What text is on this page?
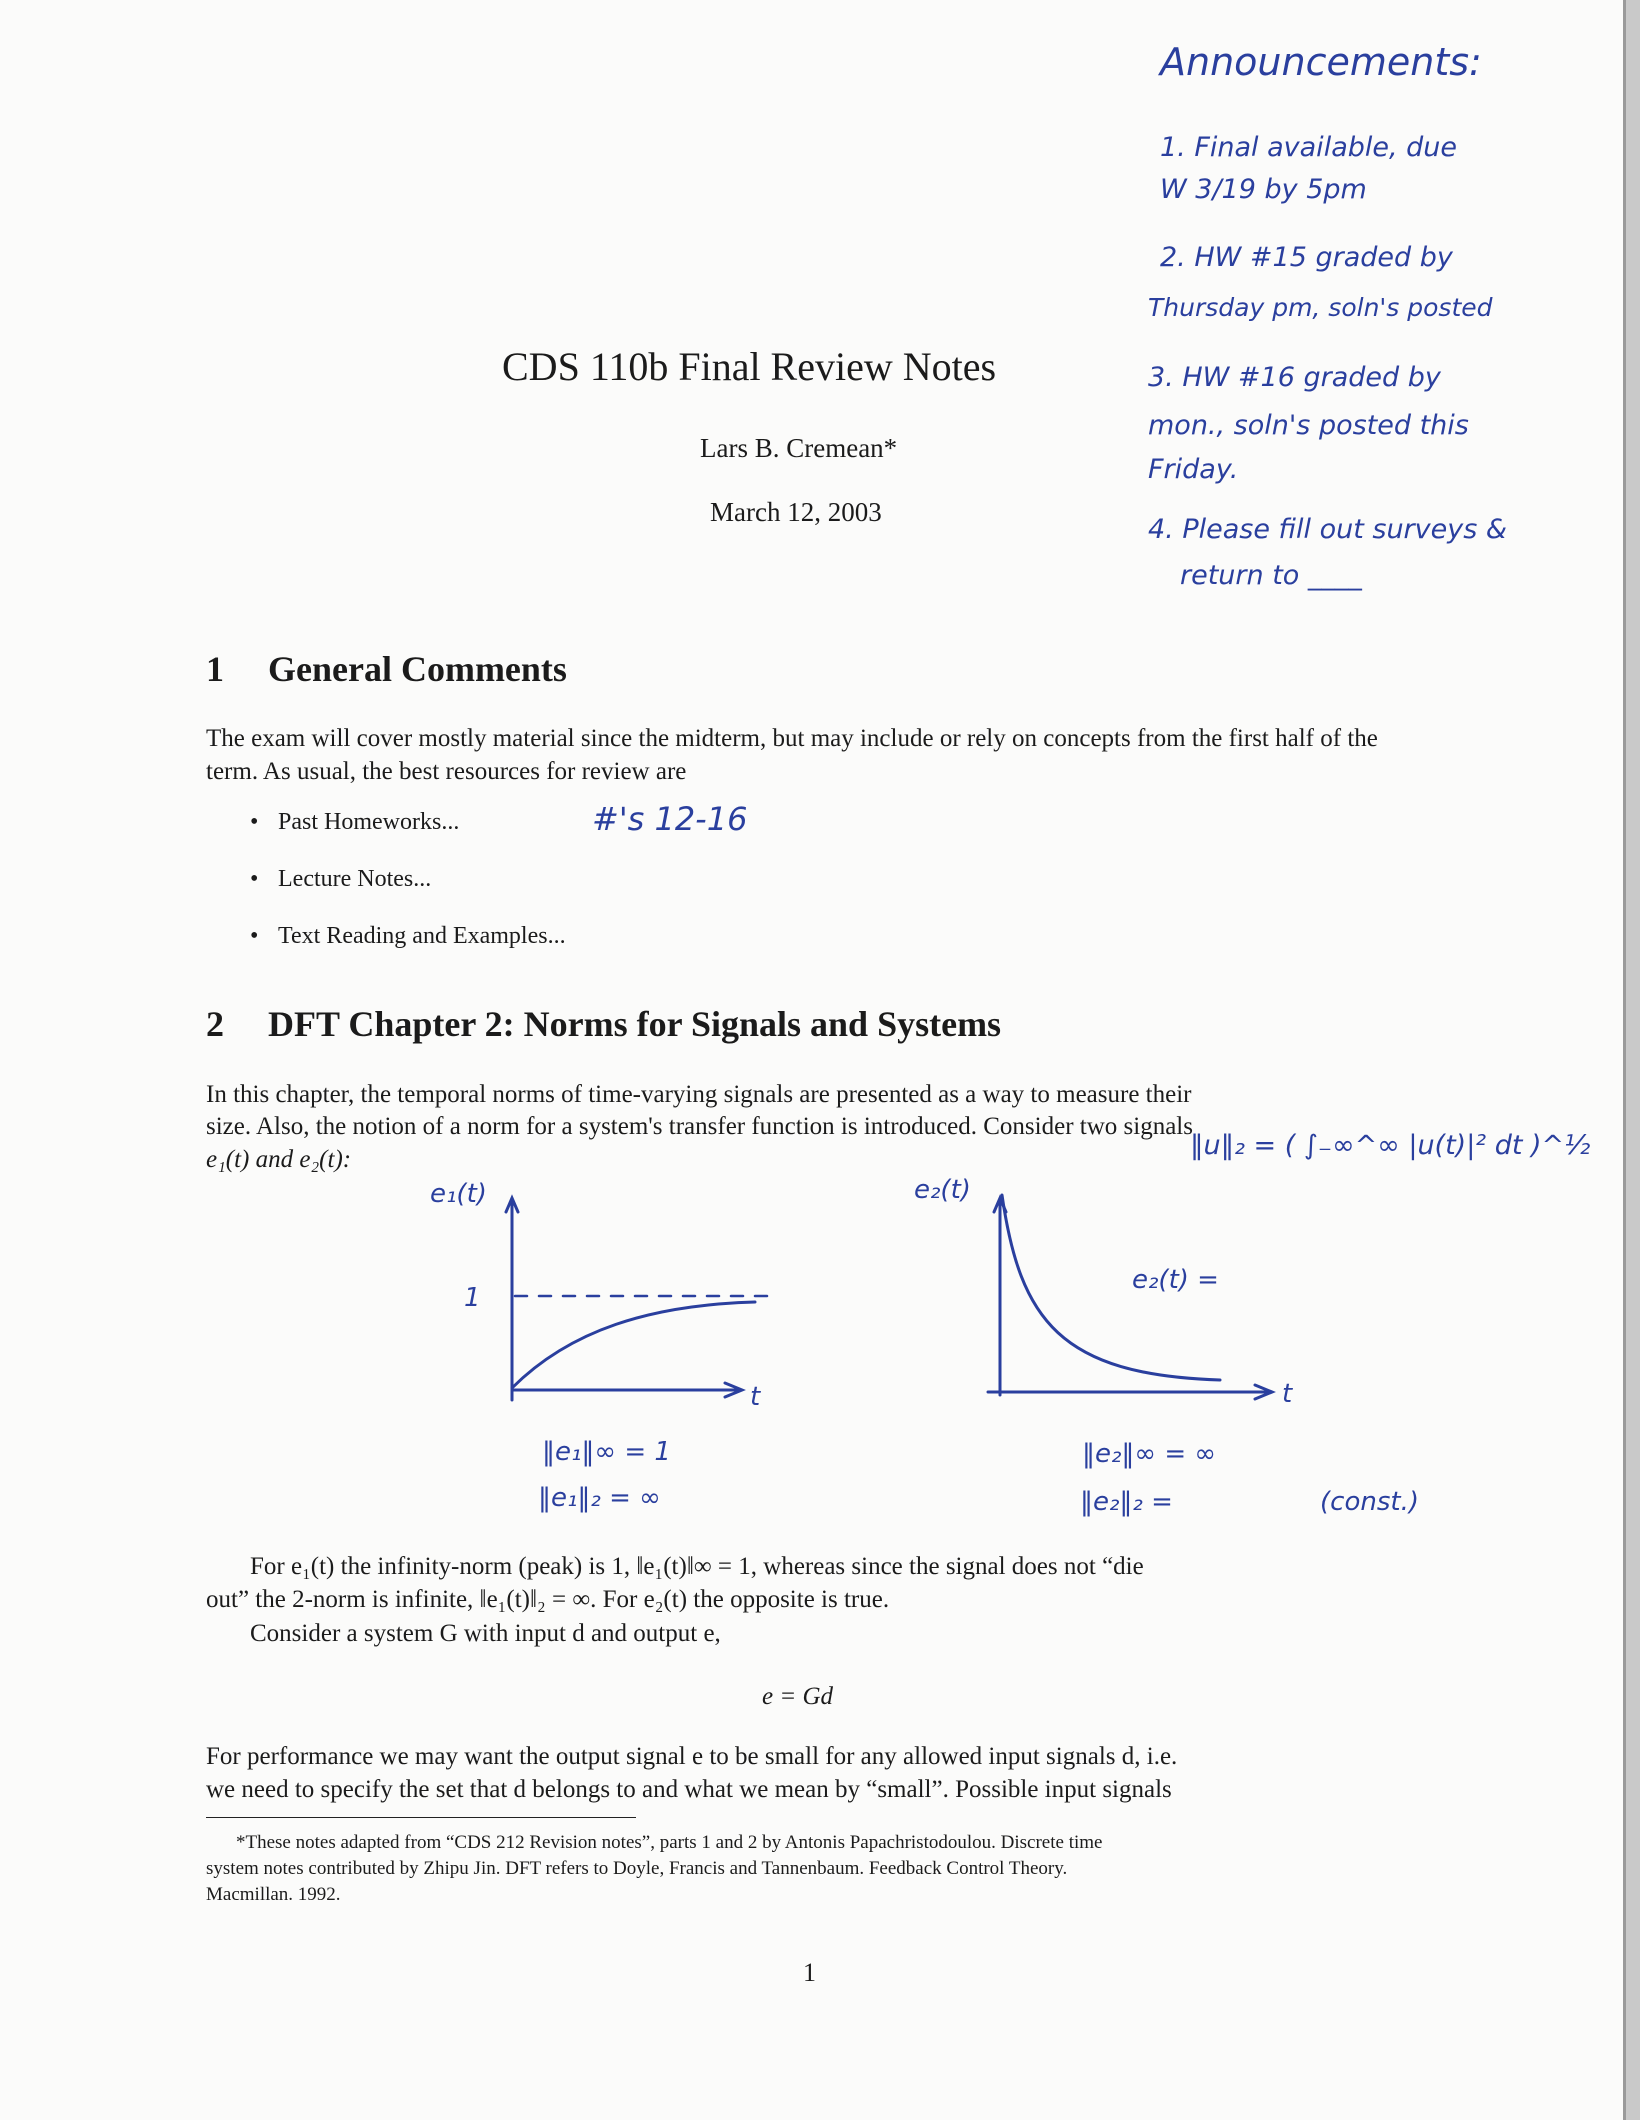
CDS 110b Final Review Notes
Lars B. Cremean*
March 12, 2003
Announcements:
1. Final available, due
W 3/19 by 5pm
2. HW #15 graded by
Thursday pm, soln's posted
3. HW #16 graded by
mon., soln's posted this
Friday.
4. Please fill out surveys &
return to ____
1 General Comments
The exam will cover mostly material since the midterm, but may include or rely on concepts from the first half of the term. As usual, the best resources for review are
• Past Homeworks...	#'s 12-16
• Lecture Notes...
• Text Reading and Examples...
2 DFT Chapter 2: Norms for Signals and Systems
In this chapter, the temporal norms of time-varying signals are presented as a way to measure their
size. Also, the notion of a norm for a system's transfer function is introduced. Consider two signals
e₁(t) and e₂(t):	‖u‖₂ = ( ∫₋∞^∞ |u(t)|² dt )^½
e₁(t)
1
t
‖e₁‖∞ = 1
‖e₁‖₂ = ∞
e₂(t)
e₂(t) =
t
‖e₂‖∞ = ∞
‖e₂‖₂ =	(const.)
For e₁(t) the infinity-norm (peak) is 1, ‖e₁(t)‖∞ = 1, whereas since the signal does not “die
out” the 2-norm is infinite, ‖e₁(t)‖₂ = ∞. For e₂(t) the opposite is true.
Consider a system G with input d and output e,
e = Gd
For performance we may want the output signal e to be small for any allowed input signals d, i.e.
we need to specify the set that d belongs to and what we mean by “small”. Possible input signals
*These notes adapted from “CDS 212 Revision notes”, parts 1 and 2 by Antonis Papachristodoulou. Discrete time
system notes contributed by Zhipu Jin. DFT refers to Doyle, Francis and Tannenbaum. Feedback Control Theory.
Macmillan. 1992.
1
